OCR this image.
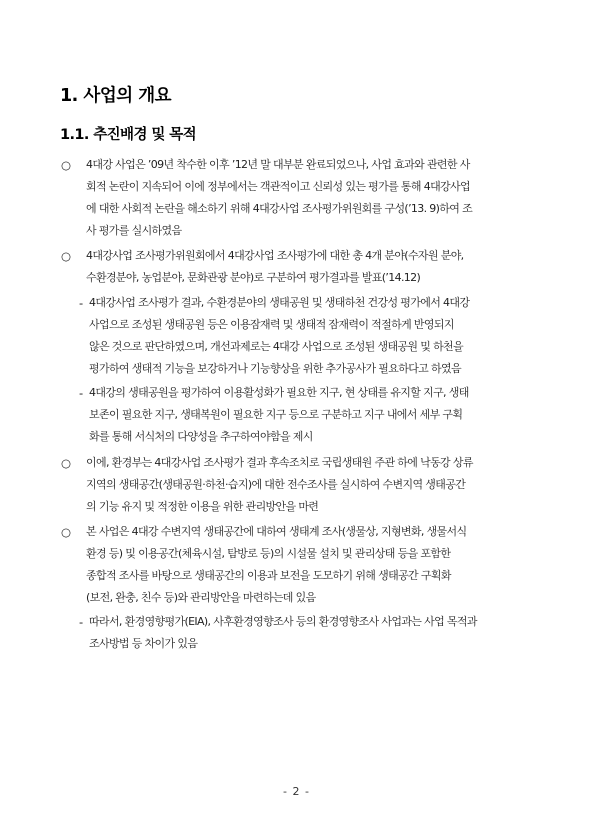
1. 사업의 개요
1.1. 추진배경 및 목적
○ 4대강 사업은 ’09년 착수한 이후 ’12년 말 대부분 완료되었으나, 사업 효과와 관련한 사
회적 논란이 지속되어 이에 정부에서는 객관적이고 신뢰성 있는 평가를 통해 4대강사업
에 대한 사회적 논란을 해소하기 위해 4대강사업 조사평가위원회를 구성(’13. 9)하여 조
사 평가를 실시하였음
○ 4대강사업 조사평가위원회에서 4대강사업 조사평가에 대한 총 4개 분야(수자원 분야,
수환경분야, 농업분야, 문화관광 분야)로 구분하여 평가결과를 발표(’14.12)
- 4대강사업 조사평가 결과, 수환경분야의 생태공원 및 생태하천 건강성 평가에서 4대강
사업으로 조성된 생태공원 등은 이용잠재력 및 생태적 잠재력이 적절하게 반영되지
않은 것으로 판단하였으며, 개선과제로는 4대강 사업으로 조성된 생태공원 및 하천을
평가하여 생태적 기능을 보강하거나 기능향상을 위한 추가공사가 필요하다고 하였음
- 4대강의 생태공원을 평가하여 이용활성화가 필요한 지구, 현 상태를 유지할 지구, 생태
보존이 필요한 지구, 생태복원이 필요한 지구 등으로 구분하고 지구 내에서 세부 구획
화를 통해 서식처의 다양성을 추구하여야함을 제시
○ 이에, 환경부는 4대강사업 조사평가 결과 후속조치로 국립생태원 주관 하에 낙동강 상류
지역의 생태공간(생태공원·하천·습지)에 대한 전수조사를 실시하여 수변지역 생태공간
의 기능 유지 및 적정한 이용을 위한 관리방안을 마련
○ 본 사업은 4대강 수변지역 생태공간에 대하여 생태계 조사(생물상, 지형변화, 생물서식
환경 등) 및 이용공간(체육시설, 탐방로 등)의 시설물 설치 및 관리상태 등을 포함한
종합적 조사를 바탕으로 생태공간의 이용과 보전을 도모하기 위해 생태공간 구획화
(보전, 완충, 친수 등)와 관리방안을 마련하는데 있음
- 따라서, 환경영향평가(EIA), 사후환경영향조사 등의 환경영향조사 사업과는 사업 목적과
조사방법 등 차이가 있음
- 2 -
